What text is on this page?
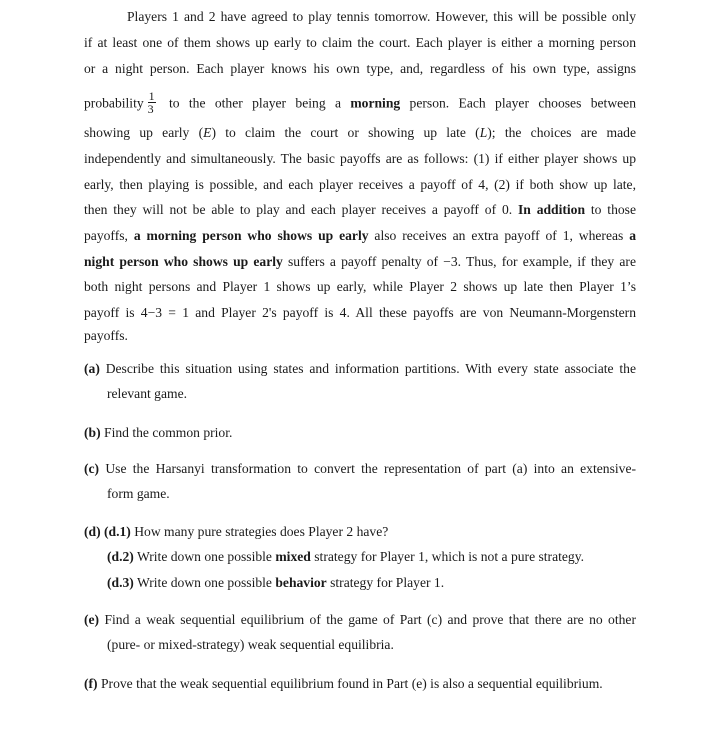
Players 1 and 2 have agreed to play tennis tomorrow. However, this will be possible only
if at least one of them shows up early to claim the court. Each player is either a morning person
or a night person. Each player knows his own type, and, regardless of his own type, assigns
probability $\frac{1}{3}$ to the other player being a morning person. Each player chooses between
showing up early (E) to claim the court or showing up late (L); the choices are made
independently and simultaneously. The basic payoffs are as follows: (1) if either player shows up
early, then playing is possible, and each player receives a payoff of 4, (2) if both show up late,
then they will not be able to play and each player receives a payoff of 0. In addition to those
payoffs, a morning person who shows up early also receives an extra payoff of 1, whereas a
night person who shows up early suffers a payoff penalty of −3. Thus, for example, if they are
both night persons and Player 1 shows up early, while Player 2 shows up late then Player 1’s
payoff is 4−3 = 1 and Player 2's payoff is 4. All these payoffs are von Neumann-Morgenstern
payoffs.
(a) Describe this situation using states and information partitions. With every state associate the
relevant game.
(b) Find the common prior.
(c) Use the Harsanyi transformation to convert the representation of part (a) into an extensive-
form game.
(d) (d.1) How many pure strategies does Player 2 have?
(d.2) Write down one possible mixed strategy for Player 1, which is not a pure strategy.
(d.3) Write down one possible behavior strategy for Player 1.
(e) Find a weak sequential equilibrium of the game of Part (c) and prove that there are no other
(pure- or mixed-strategy) weak sequential equilibria.
(f) Prove that the weak sequential equilibrium found in Part (e) is also a sequential equilibrium.
